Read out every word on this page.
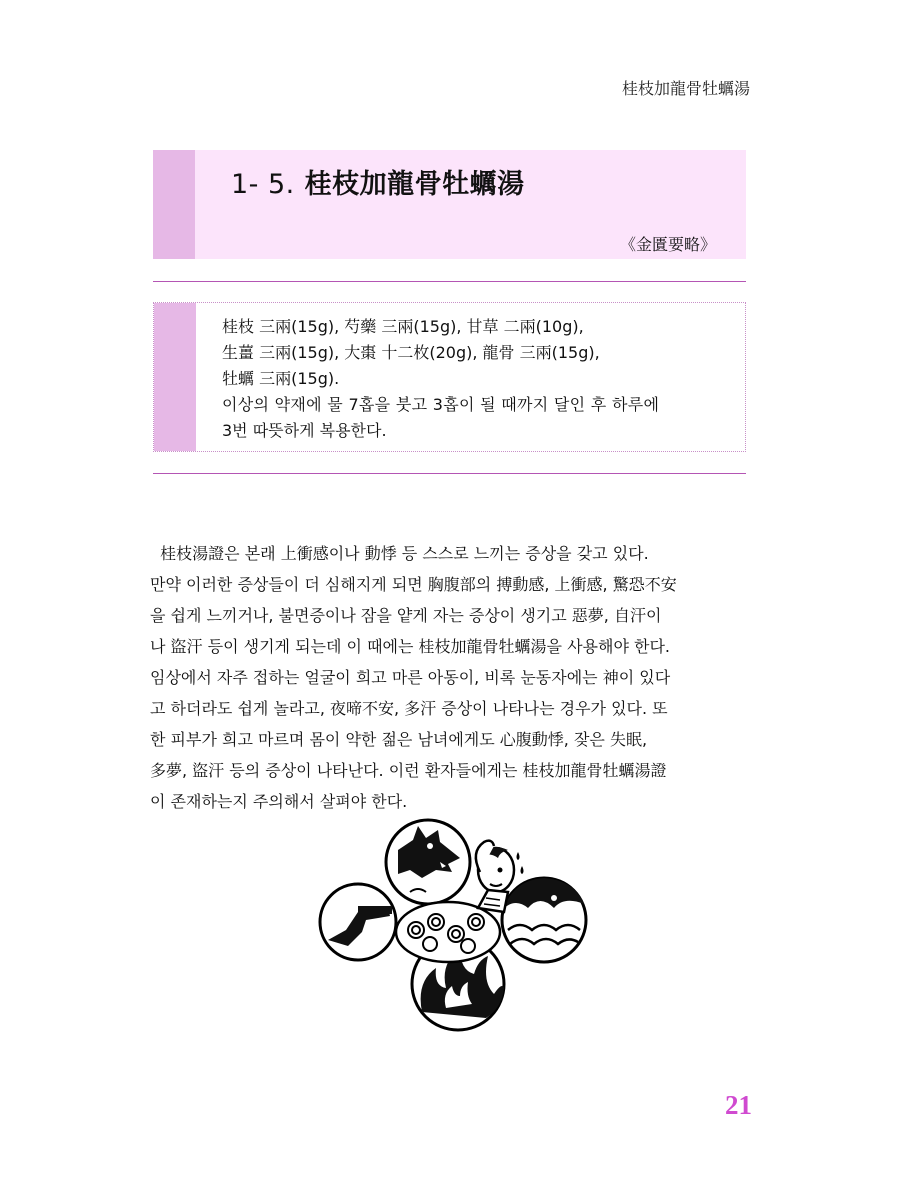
桂枝加龍骨牡蠣湯
1- 5. 桂枝加龍骨牡蠣湯
《金匱要略》
桂枝 三兩(15g), 芍藥 三兩(15g), 甘草 二兩(10g),
生薑 三兩(15g), 大棗 十二枚(20g), 龍骨 三兩(15g),
牡蠣 三兩(15g).
이상의 약재에 물 7홉을 붓고 3홉이 될 때까지 달인 후 하루에
3번 따뜻하게 복용한다.
桂枝湯證은 본래 上衝感이나 動悸 등 스스로 느끼는 증상을 갖고 있다.
만약 이러한 증상들이 더 심해지게 되면 胸腹部의 搏動感, 上衝感, 驚恐不安
을 쉽게 느끼거나, 불면증이나 잠을 얕게 자는 증상이 생기고 惡夢, 自汗이
나 盜汗 등이 생기게 되는데 이 때에는 桂枝加龍骨牡蠣湯을 사용해야 한다.
임상에서 자주 접하는 얼굴이 희고 마른 아동이, 비록 눈동자에는 神이 있다
고 하더라도 쉽게 놀라고, 夜啼不安, 多汗 증상이 나타나는 경우가 있다. 또
한 피부가 희고 마르며 몸이 약한 젊은 남녀에게도 心腹動悸, 잦은 失眠,
多夢, 盜汗 등의 증상이 나타난다. 이런 환자들에게는 桂枝加龍骨牡蠣湯證
이 존재하는지 주의해서 살펴야 한다.
21
